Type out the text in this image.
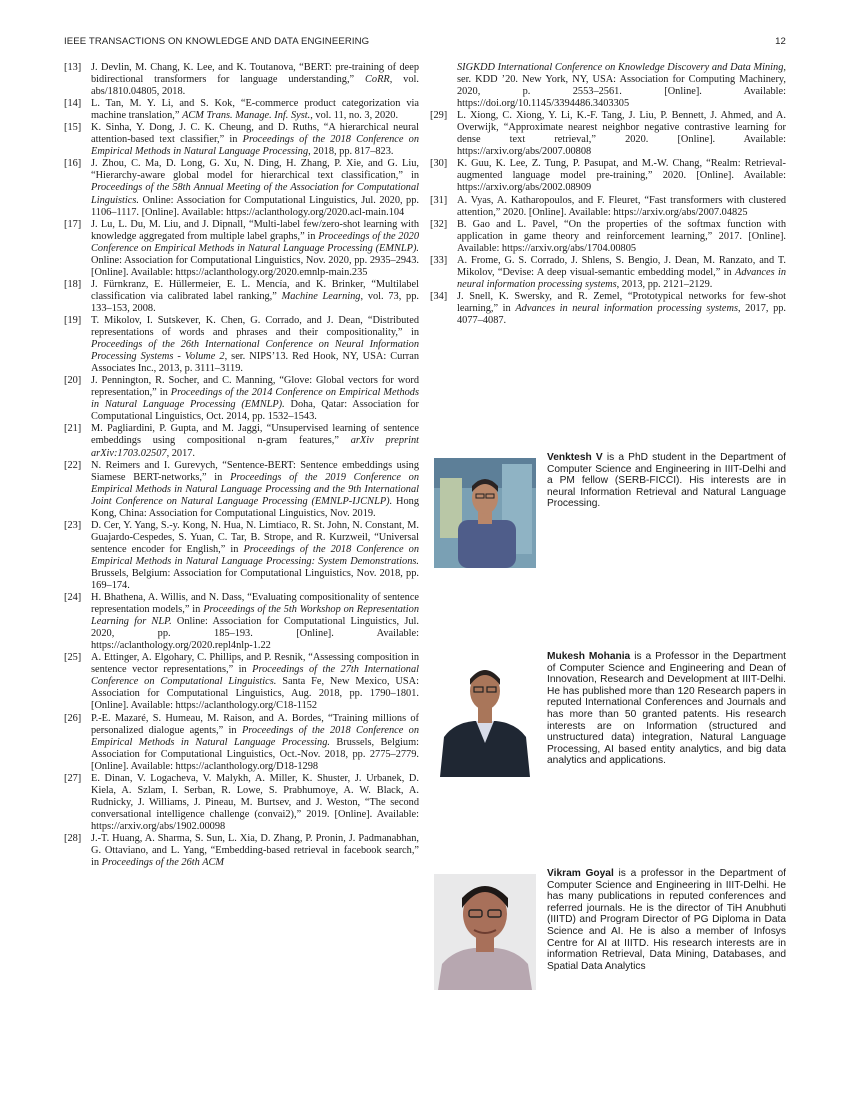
IEEE TRANSACTIONS ON KNOWLEDGE AND DATA ENGINEERING	12
[13] J. Devlin, M. Chang, K. Lee, and K. Toutanova, “BERT: pre-training of deep bidirectional transformers for language understanding,” CoRR, vol. abs/1810.04805, 2018.
[14] L. Tan, M. Y. Li, and S. Kok, “E-commerce product categorization via machine translation,” ACM Trans. Manage. Inf. Syst., vol. 11, no. 3, 2020.
[15] K. Sinha, Y. Dong, J. C. K. Cheung, and D. Ruths, “A hierarchical neural attention-based text classifier,” in Proceedings of the 2018 Conference on Empirical Methods in Natural Language Processing, 2018, pp. 817–823.
[16] J. Zhou, C. Ma, D. Long, G. Xu, N. Ding, H. Zhang, P. Xie, and G. Liu, “Hierarchy-aware global model for hierarchical text classification,” in Proceedings of the 58th Annual Meeting of the Association for Computational Linguistics. Online: Association for Computational Linguistics, Jul. 2020, pp. 1106–1117. [Online]. Available: https://aclanthology.org/2020.acl-main.104
[17] J. Lu, L. Du, M. Liu, and J. Dipnall, “Multi-label few/zero-shot learning with knowledge aggregated from multiple label graphs,” in Proceedings of the 2020 Conference on Empirical Methods in Natural Language Processing (EMNLP). Online: Association for Computational Linguistics, Nov. 2020, pp. 2935–2943. [Online]. Available: https://aclanthology.org/2020.emnlp-main.235
[18] J. Fürnkranz, E. Hüllermeier, E. L. Mencía, and K. Brinker, “Multilabel classification via calibrated label ranking,” Machine Learning, vol. 73, pp. 133–153, 2008.
[19] T. Mikolov, I. Sutskever, K. Chen, G. Corrado, and J. Dean, “Distributed representations of words and phrases and their compositionality,” in Proceedings of the 26th International Conference on Neural Information Processing Systems - Volume 2, ser. NIPS’13. Red Hook, NY, USA: Curran Associates Inc., 2013, p. 3111–3119.
[20] J. Pennington, R. Socher, and C. Manning, “Glove: Global vectors for word representation,” in Proceedings of the 2014 Conference on Empirical Methods in Natural Language Processing (EMNLP). Doha, Qatar: Association for Computational Linguistics, Oct. 2014, pp. 1532–1543.
[21] M. Pagliardini, P. Gupta, and M. Jaggi, “Unsupervised learning of sentence embeddings using compositional n-gram features,” arXiv preprint arXiv:1703.02507, 2017.
[22] N. Reimers and I. Gurevych, “Sentence-BERT: Sentence embeddings using Siamese BERT-networks,” in Proceedings of the 2019 Conference on Empirical Methods in Natural Language Processing and the 9th International Joint Conference on Natural Language Processing (EMNLP-IJCNLP). Hong Kong, China: Association for Computational Linguistics, Nov. 2019.
[23] D. Cer, Y. Yang, S.-y. Kong, N. Hua, N. Limtiaco, R. St. John, N. Constant, M. Guajardo-Cespedes, S. Yuan, C. Tar, B. Strope, and R. Kurzweil, “Universal sentence encoder for English,” in Proceedings of the 2018 Conference on Empirical Methods in Natural Language Processing: System Demonstrations. Brussels, Belgium: Association for Computational Linguistics, Nov. 2018, pp. 169–174.
[24] H. Bhathena, A. Willis, and N. Dass, “Evaluating compositionality of sentence representation models,” in Proceedings of the 5th Workshop on Representation Learning for NLP. Online: Association for Computational Linguistics, Jul. 2020, pp. 185–193. [Online]. Available: https://aclanthology.org/2020.repl4nlp-1.22
[25] A. Ettinger, A. Elgohary, C. Phillips, and P. Resnik, “Assessing composition in sentence vector representations,” in Proceedings of the 27th International Conference on Computational Linguistics. Santa Fe, New Mexico, USA: Association for Computational Linguistics, Aug. 2018, pp. 1790–1801. [Online]. Available: https://aclanthology.org/C18-1152
[26] P.-E. Mazaré, S. Humeau, M. Raison, and A. Bordes, “Training millions of personalized dialogue agents,” in Proceedings of the 2018 Conference on Empirical Methods in Natural Language Processing. Brussels, Belgium: Association for Computational Linguistics, Oct.-Nov. 2018, pp. 2775–2779. [Online]. Available: https://aclanthology.org/D18-1298
[27] E. Dinan, V. Logacheva, V. Malykh, A. Miller, K. Shuster, J. Urbanek, D. Kiela, A. Szlam, I. Serban, R. Lowe, S. Prabhumoye, A. W. Black, A. Rudnicky, J. Williams, J. Pineau, M. Burtsev, and J. Weston, “The second conversational intelligence challenge (convai2),” 2019. [Online]. Available: https://arxiv.org/abs/1902.00098
[28] J.-T. Huang, A. Sharma, S. Sun, L. Xia, D. Zhang, P. Pronin, J. Padmanabhan, G. Ottaviano, and L. Yang, “Embedding-based retrieval in facebook search,” in Proceedings of the 26th ACM
SIGKDD International Conference on Knowledge Discovery and Data Mining, ser. KDD ’20. New York, NY, USA: Association for Computing Machinery, 2020, p. 2553–2561. [Online]. Available: https://doi.org/10.1145/3394486.3403305
[29] L. Xiong, C. Xiong, Y. Li, K.-F. Tang, J. Liu, P. Bennett, J. Ahmed, and A. Overwijk, “Approximate nearest neighbor negative contrastive learning for dense text retrieval,” 2020. [Online]. Available: https://arxiv.org/abs/2007.00808
[30] K. Guu, K. Lee, Z. Tung, P. Pasupat, and M.-W. Chang, “Realm: Retrieval-augmented language model pre-training,” 2020. [Online]. Available: https://arxiv.org/abs/2002.08909
[31] A. Vyas, A. Katharopoulos, and F. Fleuret, “Fast transformers with clustered attention,” 2020. [Online]. Available: https://arxiv.org/abs/2007.04825
[32] B. Gao and L. Pavel, “On the properties of the softmax function with application in game theory and reinforcement learning,” 2017. [Online]. Available: https://arxiv.org/abs/1704.00805
[33] A. Frome, G. S. Corrado, J. Shlens, S. Bengio, J. Dean, M. Ranzato, and T. Mikolov, “Devise: A deep visual-semantic embedding model,” in Advances in neural information processing systems, 2013, pp. 2121–2129.
[34] J. Snell, K. Swersky, and R. Zemel, “Prototypical networks for few-shot learning,” in Advances in neural information processing systems, 2017, pp. 4077–4087.
Venktesh V is a PhD student in the Department of Computer Science and Engineering in IIIT-Delhi and a PM fellow (SERB-FICCI). His interests are in neural Information Retrieval and Natural Language Processing.
Mukesh Mohania is a Professor in the Department of Computer Science and Engineering and Dean of Innovation, Research and Development at IIIT-Delhi. He has published more than 120 Research papers in reputed International Conferences and Journals and has more than 50 granted patents. His research interests are on Information (structured and unstructured data) integration, Natural Language Processing, AI based entity analytics, and big data analytics and applications.
Vikram Goyal is a professor in the Department of Computer Science and Engineering in IIIT-Delhi. He has many publications in reputed conferences and referred journals. He is the director of TiH Anubhuti (IIITD) and Program Director of PG Diploma in Data Science and AI. He is also a member of Infosys Centre for AI at IIITD. His research interests are in information Retrieval, Data Mining, Databases, and Spatial Data Analytics
